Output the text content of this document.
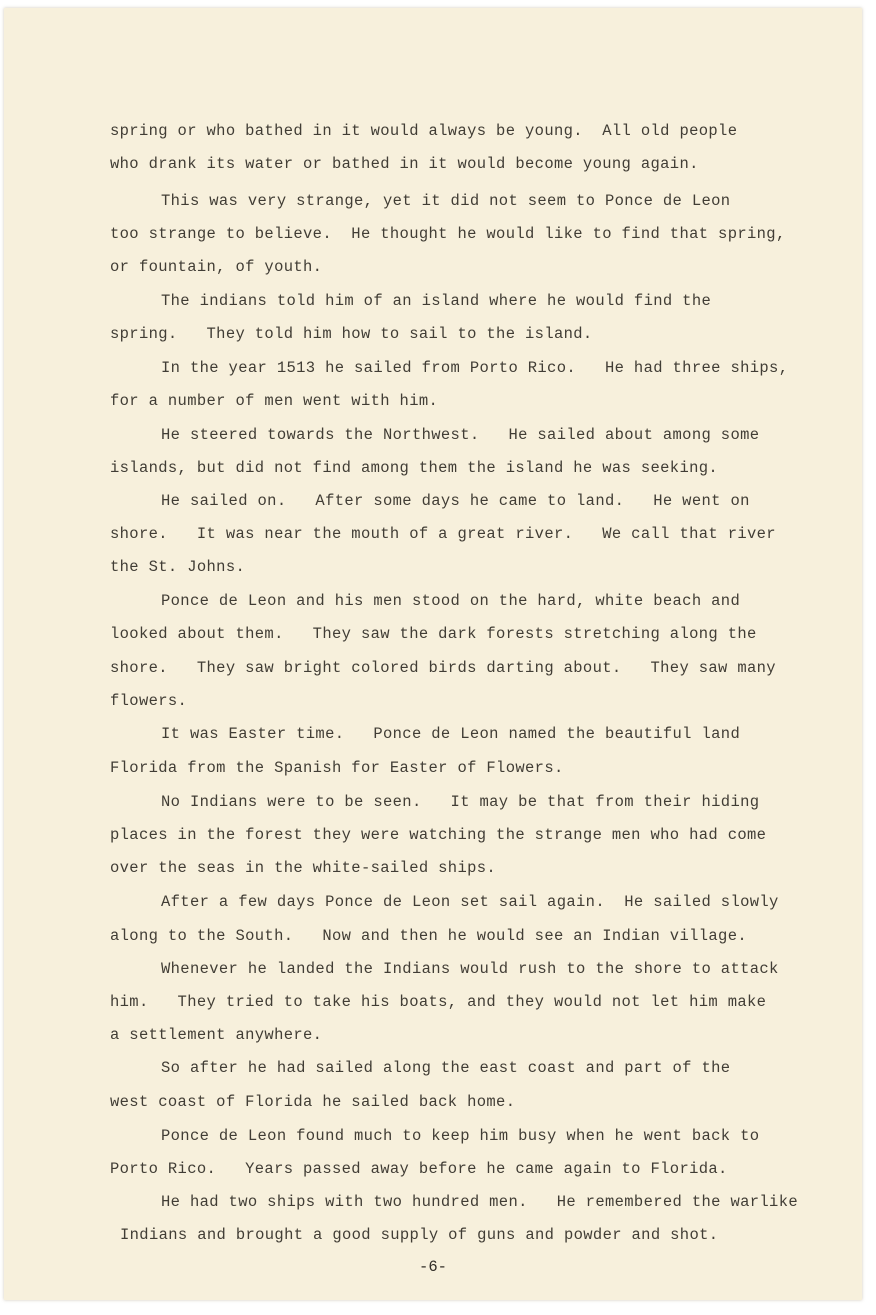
spring or who bathed in it would always be young.  All old people
who drank its water or bathed in it would become young again.
This was very strange, yet it did not seem to Ponce de Leon
too strange to believe.  He thought he would like to find that spring,
or fountain, of youth.
The indians told him of an island where he would find the
spring.   They told him how to sail to the island.
In the year 1513 he sailed from Porto Rico.   He had three ships,
for a number of men went with him.
He steered towards the Northwest.   He sailed about among some
islands, but did not find among them the island he was seeking.
He sailed on.   After some days he came to land.   He went on
shore.   It was near the mouth of a great river.   We call that river
the St. Johns.
Ponce de Leon and his men stood on the hard, white beach and
looked about them.   They saw the dark forests stretching along the
shore.   They saw bright colored birds darting about.   They saw many
flowers.
It was Easter time.   Ponce de Leon named the beautiful land
Florida from the Spanish for Easter of Flowers.
No Indians were to be seen.   It may be that from their hiding
places in the forest they were watching the strange men who had come
over the seas in the white-sailed ships.
After a few days Ponce de Leon set sail again.  He sailed slowly
along to the South.   Now and then he would see an Indian village.
Whenever he landed the Indians would rush to the shore to attack
him.   They tried to take his boats, and they would not let him make
a settlement anywhere.
So after he had sailed along the east coast and part of the
west coast of Florida he sailed back home.
Ponce de Leon found much to keep him busy when he went back to
Porto Rico.   Years passed away before he came again to Florida.
He had two ships with two hundred men.   He remembered the warlike
Indians and brought a good supply of guns and powder and shot.
-6-
